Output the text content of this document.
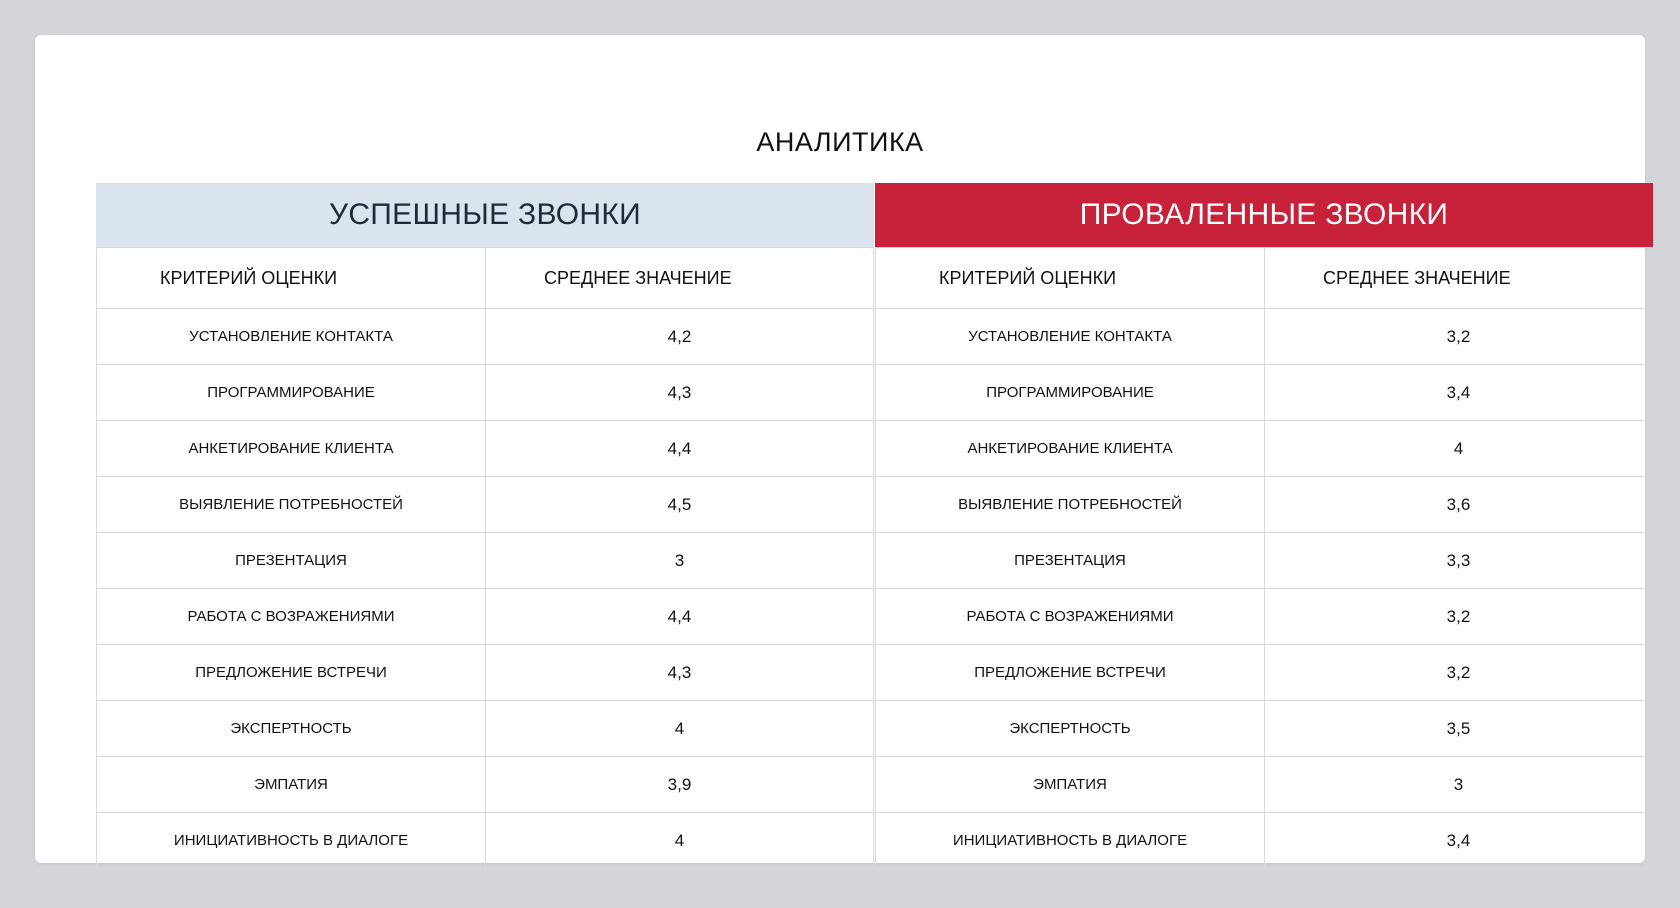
АНАЛИТИКА
УСПЕШНЫЕ ЗВОНКИ
КРИТЕРИЙ ОЦЕНКИ	СРЕДНЕЕ ЗНАЧЕНИЕ
УСТАНОВЛЕНИЕ КОНТАКТА	4,2
ПРОГРАММИРОВАНИЕ	4,3
АНКЕТИРОВАНИЕ КЛИЕНТА	4,4
ВЫЯВЛЕНИЕ ПОТРЕБНОСТЕЙ	4,5
ПРЕЗЕНТАЦИЯ	3
РАБОТА С ВОЗРАЖЕНИЯМИ	4,4
ПРЕДЛОЖЕНИЕ ВСТРЕЧИ	4,3
ЭКСПЕРТНОСТЬ	4
ЭМПАТИЯ	3,9
ИНИЦИАТИВНОСТЬ В ДИАЛОГЕ	4
ПРОВАЛЕННЫЕ ЗВОНКИ
КРИТЕРИЙ ОЦЕНКИ	СРЕДНЕЕ ЗНАЧЕНИЕ
УСТАНОВЛЕНИЕ КОНТАКТА	3,2
ПРОГРАММИРОВАНИЕ	3,4
АНКЕТИРОВАНИЕ КЛИЕНТА	4
ВЫЯВЛЕНИЕ ПОТРЕБНОСТЕЙ	3,6
ПРЕЗЕНТАЦИЯ	3,3
РАБОТА С ВОЗРАЖЕНИЯМИ	3,2
ПРЕДЛОЖЕНИЕ ВСТРЕЧИ	3,2
ЭКСПЕРТНОСТЬ	3,5
ЭМПАТИЯ	3
ИНИЦИАТИВНОСТЬ В ДИАЛОГЕ	3,4
